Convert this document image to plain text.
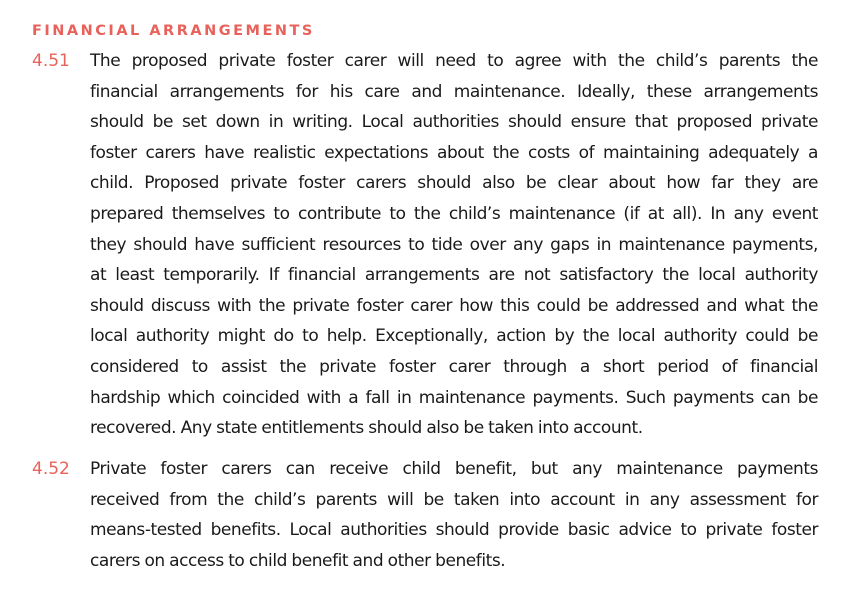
FINANCIAL ARRANGEMENTS
4.51	The proposed private foster carer will need to agree with the child’s parents the
financial arrangements for his care and maintenance. Ideally, these arrangements
should be set down in writing. Local authorities should ensure that proposed private
foster carers have realistic expectations about the costs of maintaining adequately a
child. Proposed private foster carers should also be clear about how far they are
prepared themselves to contribute to the child’s maintenance (if at all). In any event
they should have sufficient resources to tide over any gaps in maintenance payments,
at least temporarily. If financial arrangements are not satisfactory the local authority
should discuss with the private foster carer how this could be addressed and what the
local authority might do to help. Exceptionally, action by the local authority could be
considered to assist the private foster carer through a short period of financial
hardship which coincided with a fall in maintenance payments. Such payments can be
recovered. Any state entitlements should also be taken into account.
4.52	Private foster carers can receive child benefit, but any maintenance payments
received from the child’s parents will be taken into account in any assessment for
means-tested benefits. Local authorities should provide basic advice to private foster
carers on access to child benefit and other benefits.
